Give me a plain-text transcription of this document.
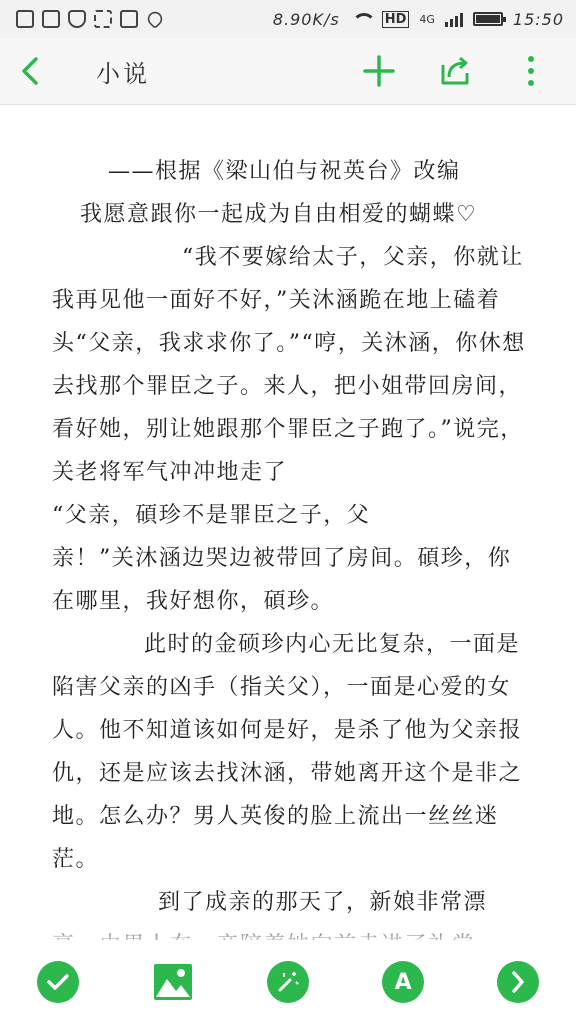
8.90K/s	HD 4G	15:50
小说

——根据《梁山伯与祝英台》改编

我愿意跟你一起成为自由相爱的蝴蝶♡

“我不要嫁给太子，父亲，你就让我再见他一面好不好，”关沐涵跪在地上磕着头“父亲，我求求你了。”“哼，关沐涵，你休想去找那个罪臣之子。来人，把小姐带回房间，看好她，别让她跟那个罪臣之子跑了。”说完，关老将军气冲冲地走了

“父亲，碩珍不是罪臣之子，父

亲！”关沐涵边哭边被带回了房间。碩珍，你在哪里，我好想你，碩珍。

此时的金硕珍内心无比复杂，一面是陷害父亲的凶手（指关父），一面是心爱的女人。他不知道该如何是好，是杀了他为父亲报仇，还是应该去找沐涵，带她离开这个是非之地。怎么办？男人英俊的脸上流出一丝丝迷茫。

到了成亲的那天了，新娘非常漂

A
